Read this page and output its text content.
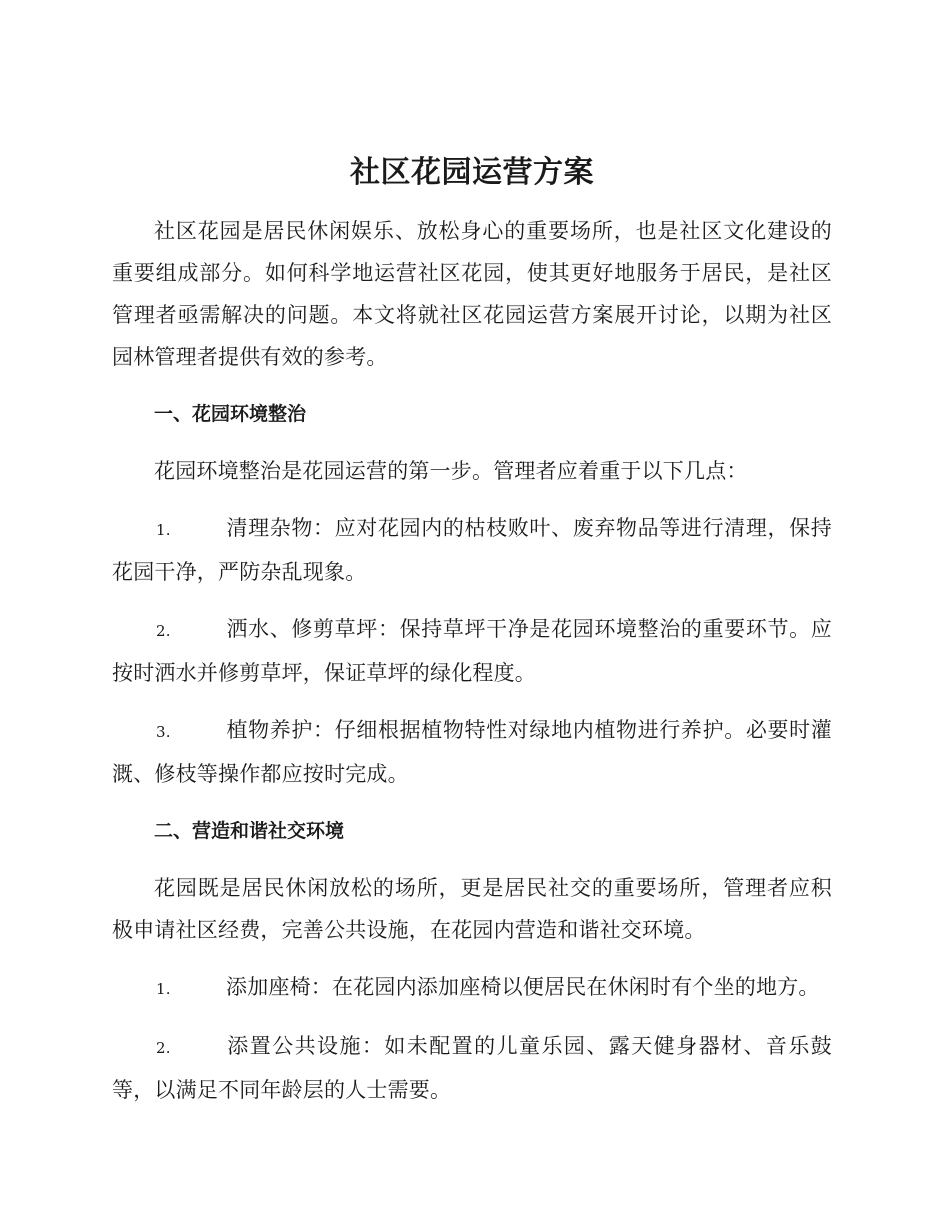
社区花园运营方案

社区花园是居民休闲娱乐、放松身心的重要场所，也是社区文化建设的重要组成部分。如何科学地运营社区花园，使其更好地服务于居民，是社区管理者亟需解决的问题。本文将就社区花园运营方案展开讨论，以期为社区园林管理者提供有效的参考。

一、花园环境整治

花园环境整治是花园运营的第一步。管理者应着重于以下几点：

1.	清理杂物：应对花园内的枯枝败叶、废弃物品等进行清理，保持花园干净，严防杂乱现象。

2.	洒水、修剪草坪：保持草坪干净是花园环境整治的重要环节。应按时洒水并修剪草坪，保证草坪的绿化程度。

3.	植物养护：仔细根据植物特性对绿地内植物进行养护。必要时灌溉、修枝等操作都应按时完成。

二、营造和谐社交环境

花园既是居民休闲放松的场所，更是居民社交的重要场所，管理者应积极申请社区经费，完善公共设施，在花园内营造和谐社交环境。

1.	添加座椅：在花园内添加座椅以便居民在休闲时有个坐的地方。

2.	添置公共设施：如未配置的儿童乐园、露天健身器材、音乐鼓等，以满足不同年龄层的人士需要。
